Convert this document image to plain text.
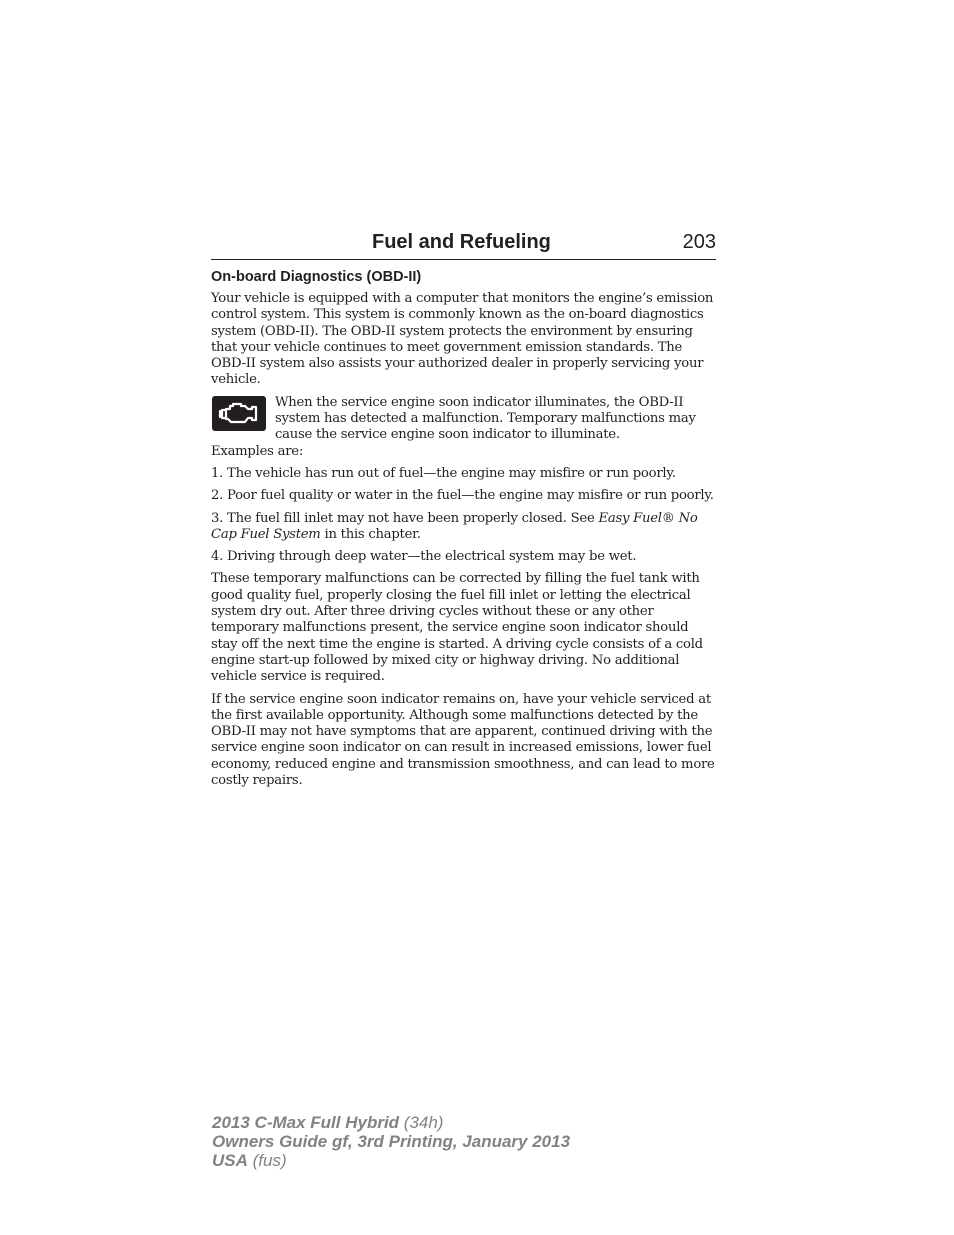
Fuel and Refueling	203
On-board Diagnostics (OBD-II)

Your vehicle is equipped with a computer that monitors the engine’s emission control system. This system is commonly known as the on-board diagnostics system (OBD-II). The OBD-II system protects the environment by ensuring that your vehicle continues to meet government emission standards. The OBD-II system also assists your authorized dealer in properly servicing your vehicle.

When the service engine soon indicator illuminates, the OBD-II system has detected a malfunction. Temporary malfunctions may cause the service engine soon indicator to illuminate.

Examples are:

1. The vehicle has run out of fuel—the engine may misfire or run poorly.

2. Poor fuel quality or water in the fuel—the engine may misfire or run poorly.

3. The fuel fill inlet may not have been properly closed. See Easy Fuel® No Cap Fuel System in this chapter.

4. Driving through deep water—the electrical system may be wet.

These temporary malfunctions can be corrected by filling the fuel tank with good quality fuel, properly closing the fuel fill inlet or letting the electrical system dry out. After three driving cycles without these or any other temporary malfunctions present, the service engine soon indicator should stay off the next time the engine is started. A driving cycle consists of a cold engine start-up followed by mixed city or highway driving. No additional vehicle service is required.

If the service engine soon indicator remains on, have your vehicle serviced at the first available opportunity. Although some malfunctions detected by the OBD-II may not have symptoms that are apparent, continued driving with the service engine soon indicator on can result in increased emissions, lower fuel economy, reduced engine and transmission smoothness, and can lead to more costly repairs.

2013 C-Max Full Hybrid (34h)
Owners Guide gf, 3rd Printing, January 2013
USA (fus)
